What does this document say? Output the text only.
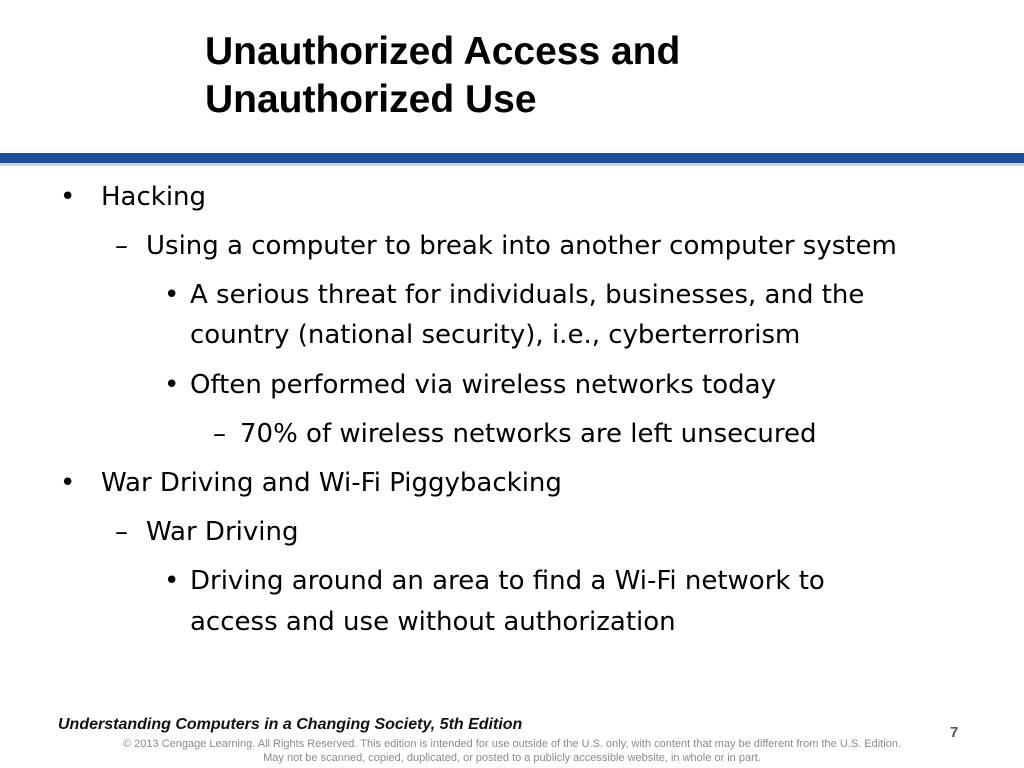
Unauthorized Access and
Unauthorized Use
• Hacking
– Using a computer to break into another computer system
• A serious threat for individuals, businesses, and the
country (national security), i.e., cyberterrorism
• Often performed via wireless networks today
– 70% of wireless networks are left unsecured
• War Driving and Wi-Fi Piggybacking
– War Driving
• Driving around an area to find a Wi-Fi network to
access and use without authorization
Understanding Computers in a Changing Society, 5th Edition	7
© 2013 Cengage Learning. All Rights Reserved. This edition is intended for use outside of the U.S. only, with content that may be different from the U.S. Edition.
May not be scanned, copied, duplicated, or posted to a publicly accessible website, in whole or in part.
